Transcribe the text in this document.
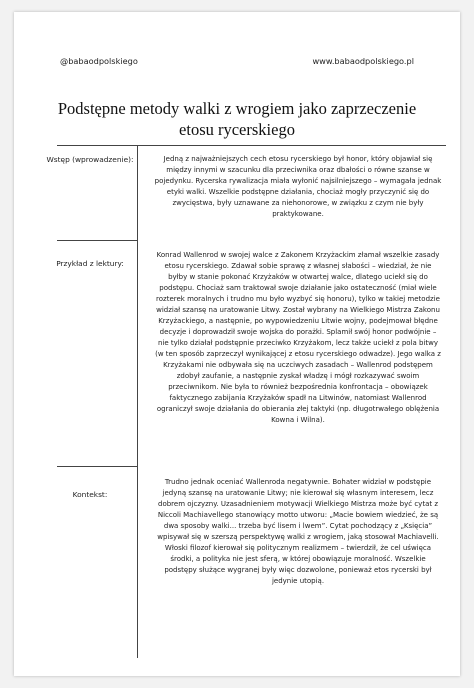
@babaodpolskiego	www.babaodpolskiego.pl
Podstępne metody walki z wrogiem jako zaprzeczenie etosu rycerskiego
Wstęp (wprowadzenie):	Jedną z najważniejszych cech etosu rycerskiego był honor, który objawiał się między innymi w szacunku dla przeciwnika oraz dbałości o równe szanse w pojedynku. Rycerska rywalizacja miała wyłonić najsilniejszego – wymagała jednak etyki walki. Wszelkie podstępne działania, chociaż mogły przyczynić się do zwycięstwa, były uznawane za niehonorowe, w związku z czym nie były praktykowane.
Przykład z lektury:
Konrad Wallenrod w swojej walce z Zakonem Krzyżackim złamał wszelkie zasady etosu rycerskiego. Zdawał sobie sprawę z własnej słabości – wiedział, że nie byłby w stanie pokonać Krzyżaków w otwartej walce, dlatego uciekł się do podstępu. Chociaż sam traktował swoje działanie jako ostateczność (miał wiele rozterek moralnych i trudno mu było wyzbyć się honoru), tylko w takiej metodzie widział szansę na uratowanie Litwy. Został wybrany na Wielkiego Mistrza Zakonu Krzyżackiego, a następnie, po wypowiedzeniu Litwie wojny, podejmował błędne decyzje i doprowadził swoje wojska do porażki. Splamił swój honor podwójnie – nie tylko działał podstępnie przeciwko Krzyżakom, lecz także uciekł z pola bitwy (w ten sposób zaprzeczył wynikającej z etosu rycerskiego odwadze). Jego walka z Krzyżakami nie odbywała się na uczciwych zasadach – Wallenrod podstępem zdobył zaufanie, a następnie zyskał władzę i mógł rozkazywać swoim przeciwnikom. Nie była to również bezpośrednia konfrontacja – obowiązek faktycznego zabijania Krzyżaków spadł na Litwinów, natomiast Wallenrod ograniczył swoje działania do obierania złej taktyki (np. długotrwałego oblężenia Kowna i Wilna).
Kontekst:
Trudno jednak oceniać Wallenroda negatywnie. Bohater widział w podstępie jedyną szansę na uratowanie Litwy; nie kierował się własnym interesem, lecz dobrem ojczyzny. Uzasadnieniem motywacji Wielkiego Mistrza może być cytat z Niccoli Machiavellego stanowiący motto utworu: „Macie bowiem wiedzieć, że są dwa sposoby walki... trzeba być lisem i lwem”. Cytat pochodzący z „Księcia” wpisywał się w szerszą perspektywę walki z wrogiem, jaką stosował Machiavelli. Włoski filozof kierował się politycznym realizmem – twierdził, że cel uświęca środki, a polityka nie jest sferą, w której obowiązuje moralność. Wszelkie podstępy służące wygranej były więc dozwolone, ponieważ etos rycerski był jedynie utopią.
